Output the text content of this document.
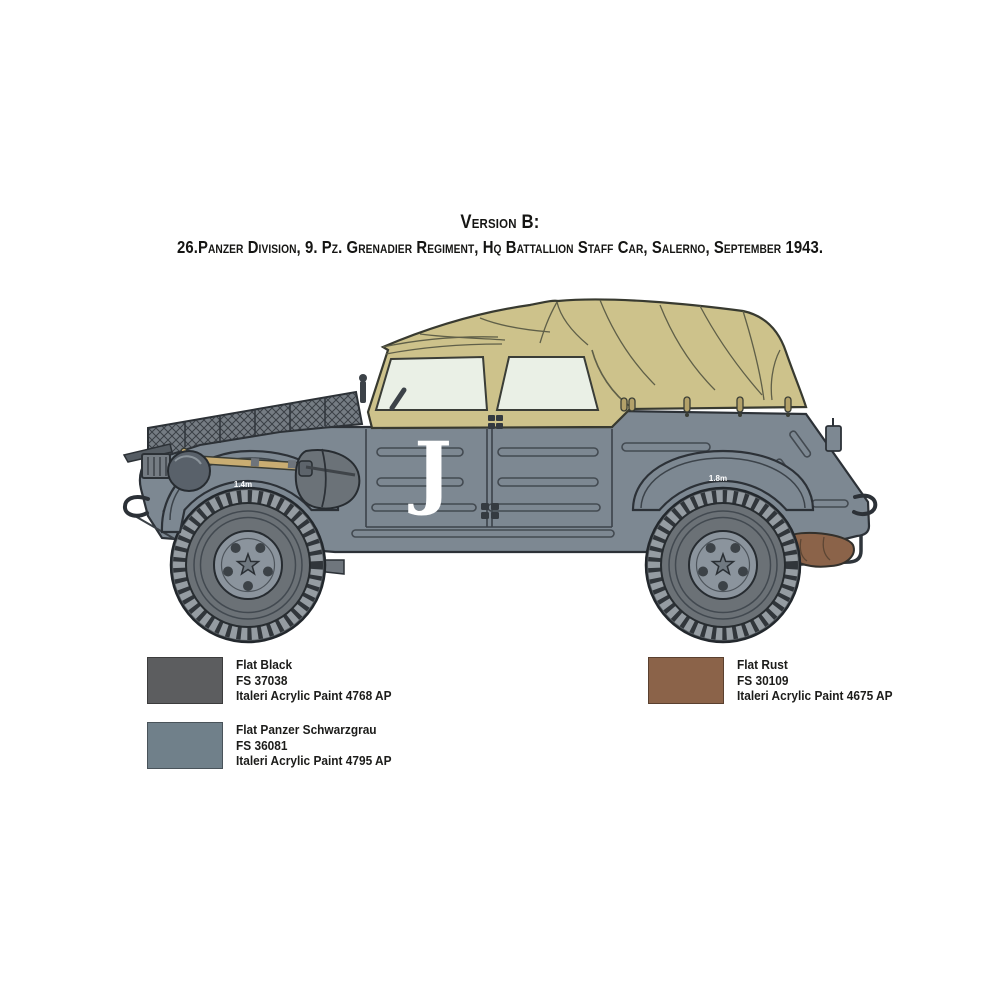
Version B:
26.Panzer Division, 9. Pz. Grenadier Regiment, Hq Battallion Staff Car, Salerno, September 1943.
J
1.4m
1.8m
Flat Black
FS 37038
Italeri Acrylic Paint 4768 AP
Flat Rust
FS 30109
Italeri Acrylic Paint 4675 AP
Flat Panzer Schwarzgrau
FS 36081
Italeri Acrylic Paint 4795 AP
